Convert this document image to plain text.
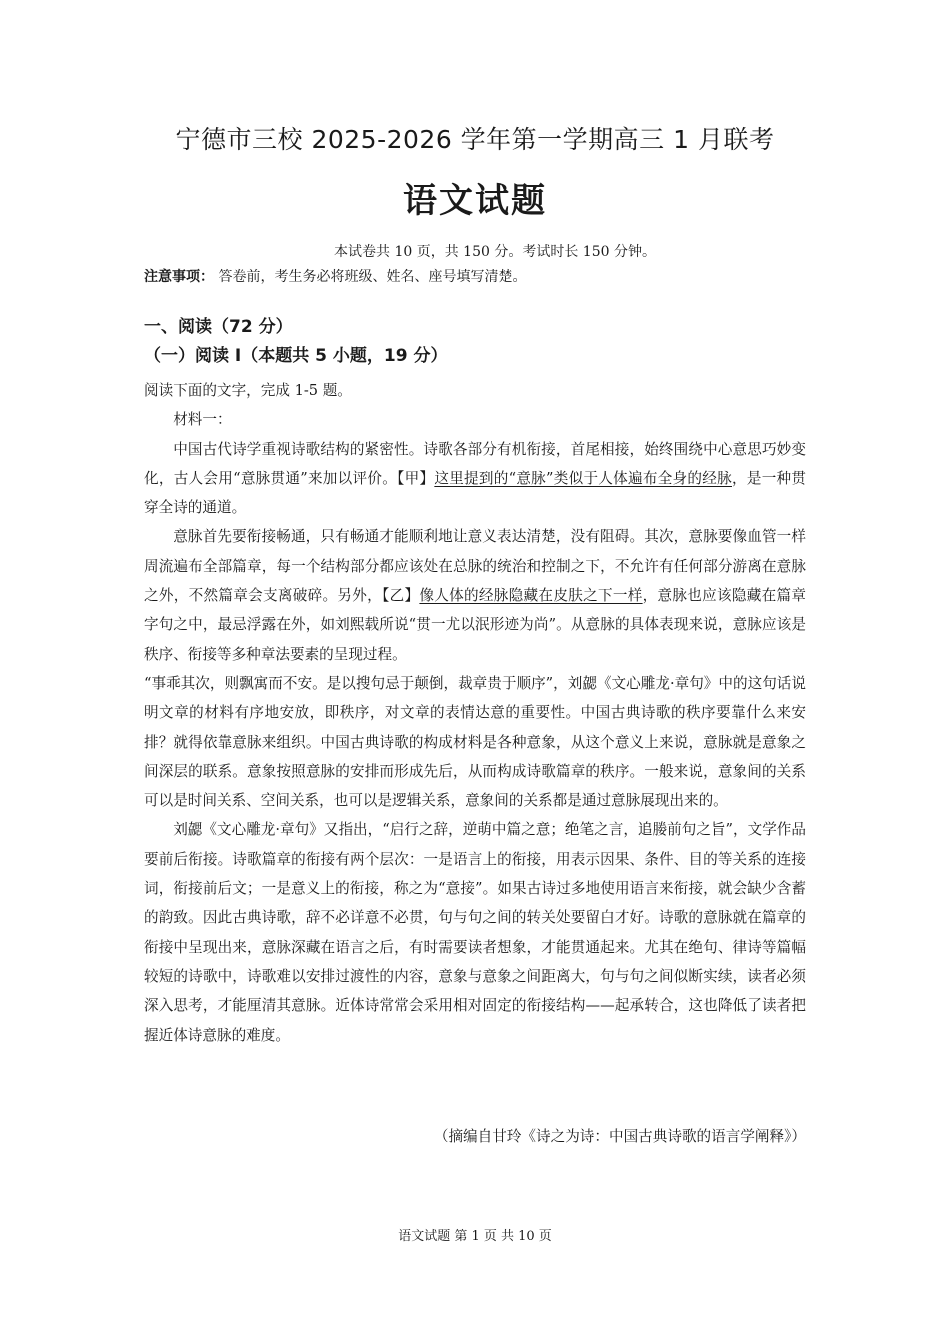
宁德市三校 2025-2026 学年第一学期高三 1 月联考
语文试题
本试卷共 10 页，共 150 分。考试时长 150 分钟。
注意事项： 答卷前，考生务必将班级、姓名、座号填写清楚。
一、阅读（72 分）
（一）阅读 I（本题共 5 小题，19 分）

阅读下面的文字，完成 1-5 题。

材料一：

中国古代诗学重视诗歌结构的紧密性。诗歌各部分有机衔接，首尾相接，始终围绕中心意思巧妙变化，古人会用“意脉贯通”来加以评价。【甲】这里提到的“意脉”类似于人体遍布全身的经脉，是一种贯穿全诗的通道。

意脉首先要衔接畅通，只有畅通才能顺利地让意义表达清楚，没有阻碍。其次，意脉要像血管一样周流遍布全部篇章，每一个结构部分都应该处在总脉的统治和控制之下，不允许有任何部分游离在意脉之外，不然篇章会支离破碎。另外，【乙】像人体的经脉隐藏在皮肤之下一样，意脉也应该隐藏在篇章字句之中，最忌浮露在外，如刘熙载所说“贯一尤以泯形迹为尚”。从意脉的具体表现来说，意脉应该是秩序、衔接等多种章法要素的呈现过程。

“事乖其次，则飘寓而不安。是以搜句忌于颠倒，裁章贵于顺序”，刘勰《文心雕龙·章句》中的这句话说明文章的材料有序地安放，即秩序，对文章的表情达意的重要性。中国古典诗歌的秩序要靠什么来安排？就得依靠意脉来组织。中国古典诗歌的构成材料是各种意象，从这个意义上来说，意脉就是意象之间深层的联系。意象按照意脉的安排而形成先后，从而构成诗歌篇章的秩序。一般来说，意象间的关系可以是时间关系、空间关系，也可以是逻辑关系，意象间的关系都是通过意脉展现出来的。

刘勰《文心雕龙·章句》又指出，“启行之辞，逆萌中篇之意；绝笔之言，追媵前句之旨”，文学作品要前后衔接。诗歌篇章的衔接有两个层次：一是语言上的衔接，用表示因果、条件、目的等关系的连接词，衔接前后文；一是意义上的衔接，称之为“意接”。如果古诗过多地使用语言来衔接，就会缺少含蓄的韵致。因此古典诗歌，辞不必详意不必贯，句与句之间的转关处要留白才好。诗歌的意脉就在篇章的衔接中呈现出来，意脉深藏在语言之后，有时需要读者想象，才能贯通起来。尤其在绝句、律诗等篇幅较短的诗歌中，诗歌难以安排过渡性的内容，意象与意象之间距离大，句与句之间似断实续，读者必须深入思考，才能厘清其意脉。近体诗常常会采用相对固定的衔接结构——起承转合，这也降低了读者把握近体诗意脉的难度。

（摘编自甘玲《诗之为诗：中国古典诗歌的语言学阐释》）
语文试题 第 1 页 共 10 页
